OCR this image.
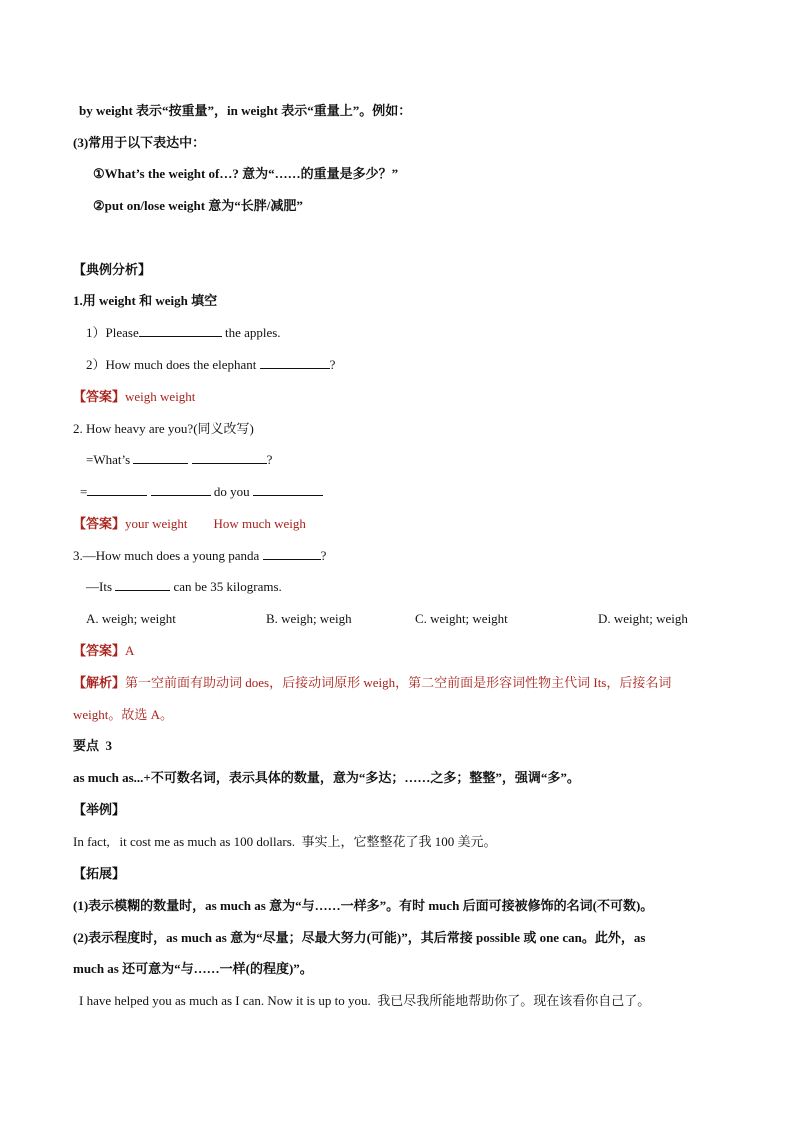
by weight 表示“按重量”，in weight 表示“重量上”。例如：
(3)常用于以下表达中：
①What’s the weight of…? 意为“……的重量是多少？”
②put on/lose weight 意为“长胖/减肥”
【典例分析】
1.用 weight 和 weigh 填空
1）Please	the apples.
2）How much does the elephant	?
【答案】weigh weight
2. How heavy are you?(同义改写)
=What’s	?
=	do you
【答案】your weight        How much weigh
3.—How much does a young panda	?
—Its	can be 35 kilograms.
A. weigh; weight	B. weigh; weigh	C. weight; weight	D. weight; weigh
【答案】A
【解析】第一空前面有助动词 does，后接动词原形 weigh，第二空前面是形容词性物主代词 Its，后接名词
weight。故选 A。
要点  3
as much as...+不可数名词，表示具体的数量，意为“多达；……之多；整整”，强调“多”。
【举例】
In fact,   it cost me as much as 100 dollars.  事实上，它整整花了我 100 美元。
【拓展】
(1)表示模糊的数量时，as much as 意为“与……一样多”。有时 much 后面可接被修饰的名词(不可数)。
(2)表示程度时，as much as 意为“尽量；尽最大努力(可能)”，其后常接 possible 或 one can。此外，as
much as 还可意为“与……一样(的程度)”。
I have helped you as much as I can. Now it is up to you.  我已尽我所能地帮助你了。现在该看你自己了。
